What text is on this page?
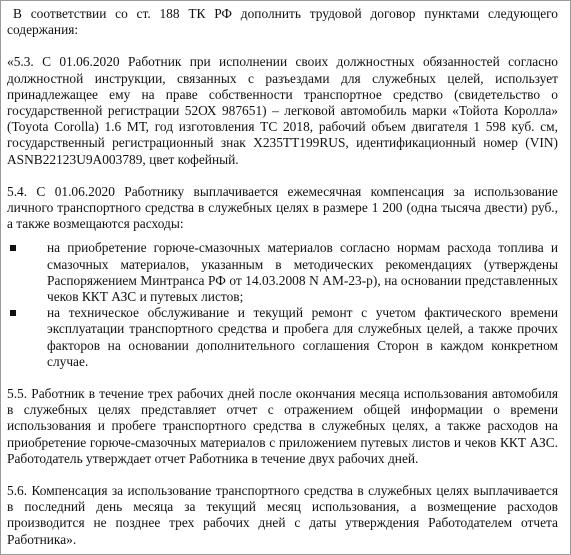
В соответствии со ст. 188 ТК РФ дополнить трудовой договор пунктами следующего содержания:

«5.3. С 01.06.2020 Работник при исполнении своих должностных обязанностей согласно должностной инструкции, связанных с разъездами для служебных целей, использует принадлежащее ему на праве собственности транспортное средство (свидетельство о государственной регистрации 52ОХ 987651) – легковой автомобиль марки «Тойота Королла» (Toyota Corolla) 1.6 МТ, год изготовления ТС 2018, рабочий объем двигателя 1 598 куб. см, государственный регистрационный знак Х235ТТ199RUS, идентификационный номер (VIN) ASNB22123U9A003789, цвет кофейный.

5.4. С 01.06.2020 Работнику выплачивается ежемесячная компенсация за использование личного транспортного средства в служебных целях в размере 1 200 (одна тысяча двести) руб., а также возмещаются расходы:

на приобретение горюче-смазочных материалов согласно нормам расхода топлива и смазочных материалов, указанным в методических рекомендациях (утверждены Распоряжением Минтранса РФ от 14.03.2008 N АМ-23-р), на основании представленных чеков ККТ АЗС и путевых листов;
на техническое обслуживание и текущий ремонт с учетом фактического времени эксплуатации транспортного средства и пробега для служебных целей, а также прочих факторов на основании дополнительного соглашения Сторон в каждом конкретном случае.

5.5. Работник в течение трех рабочих дней после окончания месяца использования автомобиля в служебных целях представляет отчет с отражением общей информации о времени использования и пробеге транспортного средства в служебных целях, а также расходов на приобретение горюче-смазочных материалов с приложением путевых листов и чеков ККТ АЗС. Работодатель утверждает отчет Работника в течение двух рабочих дней.

5.6. Компенсация за использование транспортного средства в служебных целях выплачивается в последний день месяца за текущий месяц использования, а возмещение расходов производится не позднее трех рабочих дней с даты утверждения Работодателем отчета Работника».
